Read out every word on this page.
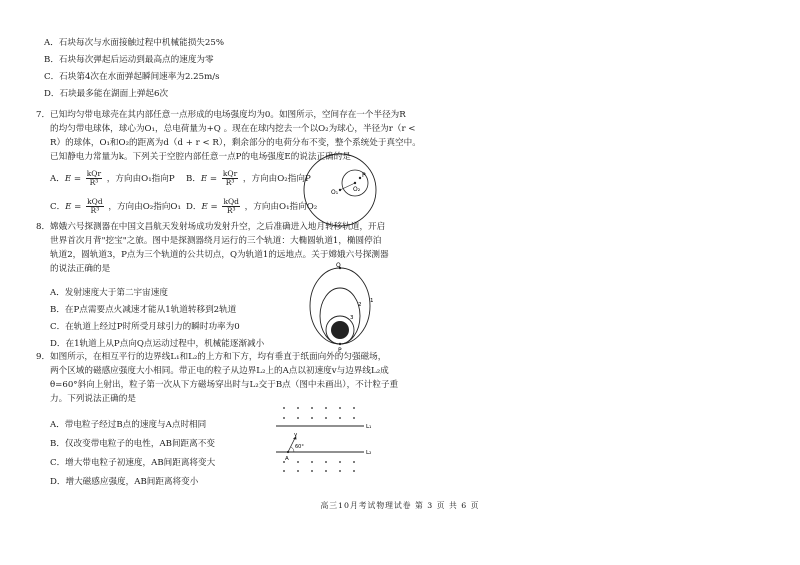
A．石块每次与水面接触过程中机械能损失25%
B．石块每次弹起后运动到最高点的速度为零
C．石块第4次在水面弹起瞬间速率为2.25m/s
D．石块最多能在湖面上弹起6次
7．已知均匀带电球壳在其内部任意一点形成的电场强度均为0。如图所示，空间存在一个半径为R
的均匀带电球体，球心为O₁，总电荷量为+Q 。现在在球内挖去一个以O₂为球心，半径为r（r <
R）的球体，O₁和O₂的距离为d（d + r < R），剩余部分的电荷分布不变，整个系统处于真空中。
已知静电力常量为k。下列关于空腔内部任意一点P的电场强度E的说法正确的是
A．$E = \frac{\text{kQr}}{\text{R³}}$ ，方向由O₁指向P B．$E = \frac{\text{kQr}}{\text{R³}}$ ，方向由O₂指向P
C．$E = \frac{\text{kQd}}{\text{R³}}$ ，方向由O₂指向O₁ D．$E = \frac{\text{kQd}}{\text{R³}}$ ，方向由O₁指向O₂
P
O₁ O₂
8．嫦娥六号探测器在中国文昌航天发射场成功发射升空，之后准确进入地月转移轨道，开启
世界首次月背"挖宝"之旅。图中是探测器绕月运行的三个轨道：大椭圆轨道1，椭圆停泊
轨道2，圆轨道3，P点为三个轨道的公共切点，Q为轨道1的远地点。关于嫦娥六号探测器
的说法正确的是
A．发射速度大于第二宇宙速度
B．在P点需要点火减速才能从1轨道转移到2轨道
C．在轨道上经过P时所受月球引力的瞬时功率为0
D．在1轨道上从P点向Q点运动过程中，机械能逐渐减小
Q
P
1
2
3
9．如图所示，在相互平行的边界线L₁和L₂的上方和下方，均有垂直于纸面向外的匀强磁场，
两个区域的磁感应强度大小相同。带正电的粒子从边界L₂上的A点以初速度v与边界线L₂成
θ=60°斜向上射出，粒子第一次从下方磁场穿出时与L₂交于B点（图中未画出），不计粒子重
力。下列说法正确的是
A．带电粒子经过B点的速度与A点时相同
B．仅改变带电粒子的电性，AB间距离不变
C．增大带电粒子初速度，AB间距离将变大
D．增大磁感应强度，AB间距离将变小
L₁
L₂
60°
v
A
高三10月考试物理试卷 第 3 页 共 6 页
